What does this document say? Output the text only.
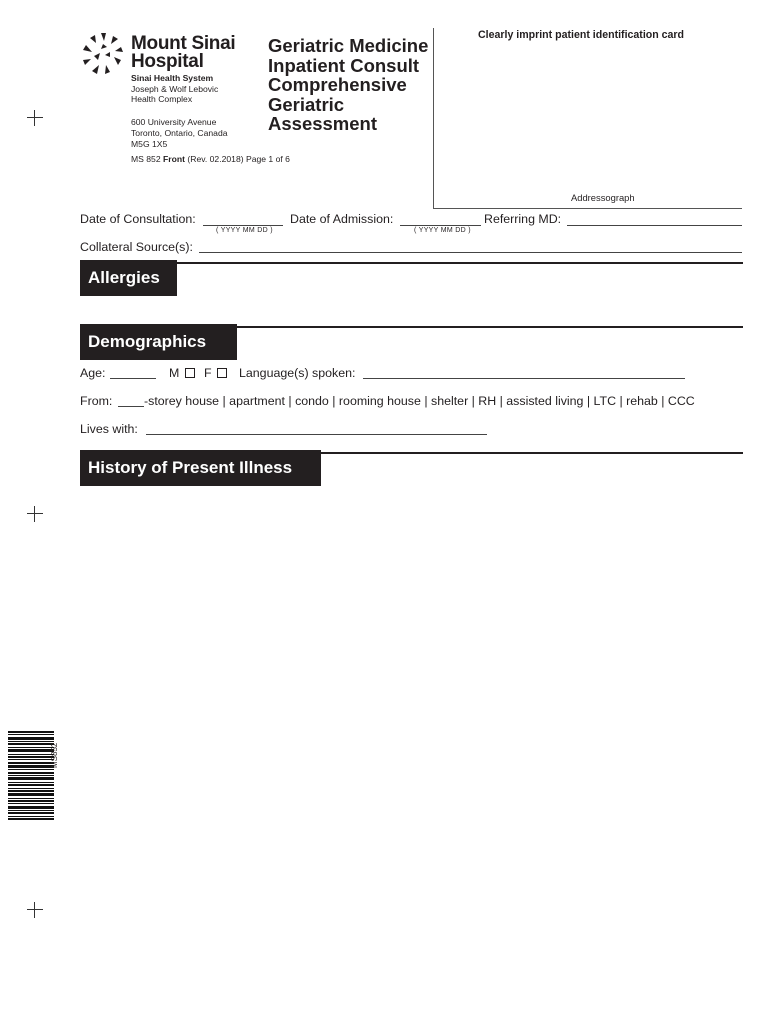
Mount Sinai
Hospital
Sinai Health System
Joseph & Wolf Lebovic
Health Complex
600 University Avenue
Toronto, Ontario, Canada
M5G 1X5
MS 852 Front (Rev. 02.2018) Page 1 of 6
Geriatric Medicine
Inpatient Consult
Comprehensive
Geriatric
Assessment
Clearly imprint patient identification card
Addressograph
Date of Consultation:
( YYYY MM DD )
Date of Admission:
( YYYY MM DD )
Referring MD:
Collateral Source(s):
Allergies
Demographics
Age:	M	F	Language(s) spoken:
From:	-storey house | apartment | condo | rooming house | shelter | RH | assisted living | LTC | rehab | CCC
Lives with:
History of Present Illness
MS852
